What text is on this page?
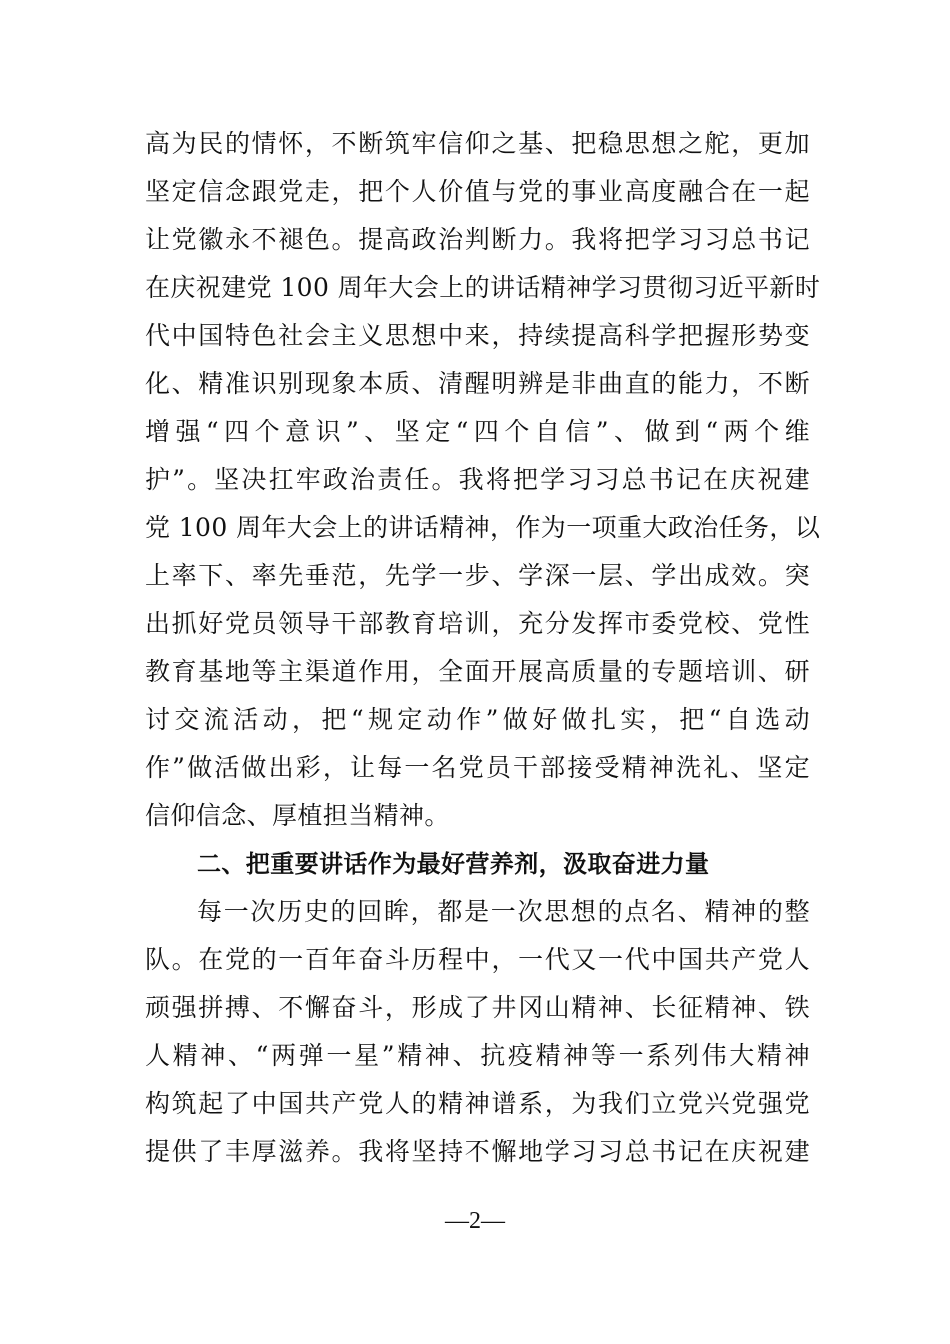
高为民的情怀，不断筑牢信仰之基、把稳思想之舵，更加
坚定信念跟党走，把个人价值与党的事业高度融合在一起
让党徽永不褪色。提高政治判断力。我将把学习习总书记
在庆祝建党 100 周年大会上的讲话精神学习贯彻习近平新时
代中国特色社会主义思想中来，持续提高科学把握形势变
化、精准识别现象本质、清醒明辨是非曲直的能力，不断
增强“四个意识”、坚定“四个自信”、做到“两个维
护”。坚决扛牢政治责任。我将把学习习总书记在庆祝建
党 100 周年大会上的讲话精神，作为一项重大政治任务，以
上率下、率先垂范，先学一步、学深一层、学出成效。突
出抓好党员领导干部教育培训，充分发挥市委党校、党性
教育基地等主渠道作用，全面开展高质量的专题培训、研
讨交流活动，把“规定动作”做好做扎实，把“自选动
作”做活做出彩，让每一名党员干部接受精神洗礼、坚定
信仰信念、厚植担当精神。
二、把重要讲话作为最好营养剂，汲取奋进力量
每一次历史的回眸，都是一次思想的点名、精神的整
队。在党的一百年奋斗历程中，一代又一代中国共产党人
顽强拼搏、不懈奋斗，形成了井冈山精神、长征精神、铁
人精神、“两弹一星”精神、抗疫精神等一系列伟大精神
构筑起了中国共产党人的精神谱系，为我们立党兴党强党
提供了丰厚滋养。我将坚持不懈地学习习总书记在庆祝建
—2—
